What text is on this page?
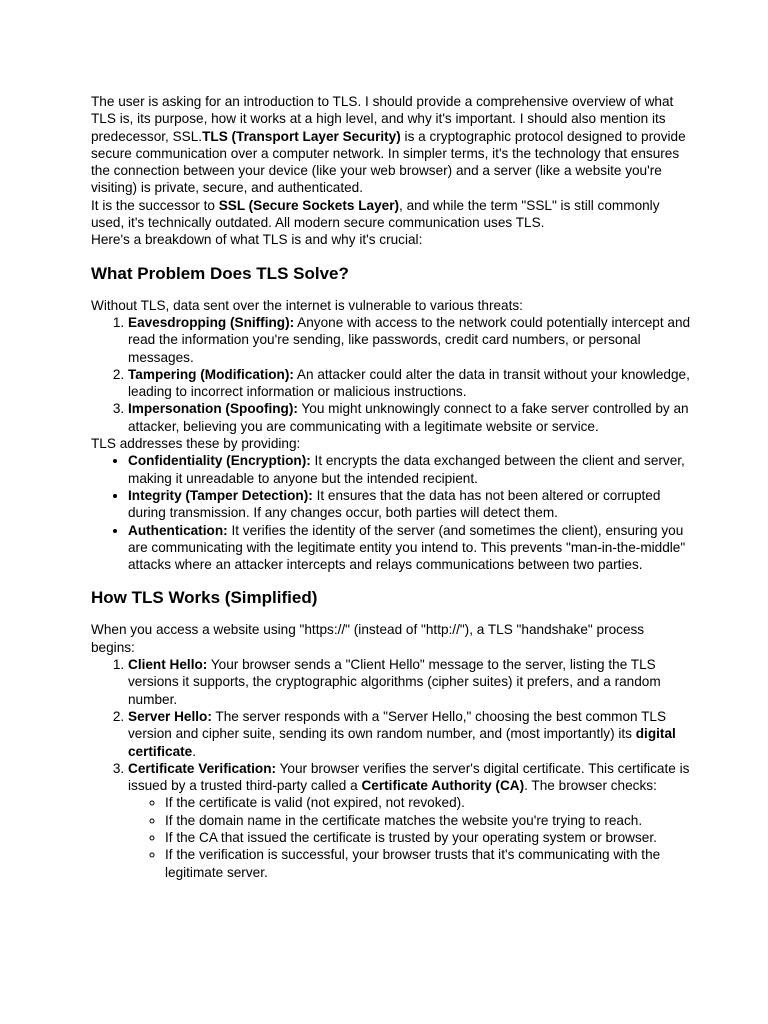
The user is asking for an introduction to TLS. I should provide a comprehensive overview of what TLS is, its purpose, how it works at a high level, and why it's important. I should also mention its predecessor, SSL.TLS (Transport Layer Security) is a cryptographic protocol designed to provide secure communication over a computer network. In simpler terms, it's the technology that ensures the connection between your device (like your web browser) and a server (like a website you're visiting) is private, secure, and authenticated.

It is the successor to SSL (Secure Sockets Layer), and while the term "SSL" is still commonly used, it's technically outdated. All modern secure communication uses TLS.

Here's a breakdown of what TLS is and why it's crucial:

What Problem Does TLS Solve?

Without TLS, data sent over the internet is vulnerable to various threats:

1. Eavesdropping (Sniffing): Anyone with access to the network could potentially intercept and read the information you're sending, like passwords, credit card numbers, or personal messages.
2. Tampering (Modification): An attacker could alter the data in transit without your knowledge, leading to incorrect information or malicious instructions.
3. Impersonation (Spoofing): You might unknowingly connect to a fake server controlled by an attacker, believing you are communicating with a legitimate website or service.

TLS addresses these by providing:

• Confidentiality (Encryption): It encrypts the data exchanged between the client and server, making it unreadable to anyone but the intended recipient.
• Integrity (Tamper Detection): It ensures that the data has not been altered or corrupted during transmission. If any changes occur, both parties will detect them.
• Authentication: It verifies the identity of the server (and sometimes the client), ensuring you are communicating with the legitimate entity you intend to. This prevents "man-in-the-middle" attacks where an attacker intercepts and relays communications between two parties.
How TLS Works (Simplified)

When you access a website using "https://" (instead of "http://"), a TLS "handshake" process begins:

1. Client Hello: Your browser sends a "Client Hello" message to the server, listing the TLS versions it supports, the cryptographic algorithms (cipher suites) it prefers, and a random number.
2. Server Hello: The server responds with a "Server Hello," choosing the best common TLS version and cipher suite, sending its own random number, and (most importantly) its digital certificate.
3. Certificate Verification: Your browser verifies the server's digital certificate. This certificate is issued by a trusted third-party called a Certificate Authority (CA). The browser checks:
◦ If the certificate is valid (not expired, not revoked).
◦ If the domain name in the certificate matches the website you're trying to reach.
◦ If the CA that issued the certificate is trusted by your operating system or browser.
◦ If the verification is successful, your browser trusts that it's communicating with the legitimate server.
